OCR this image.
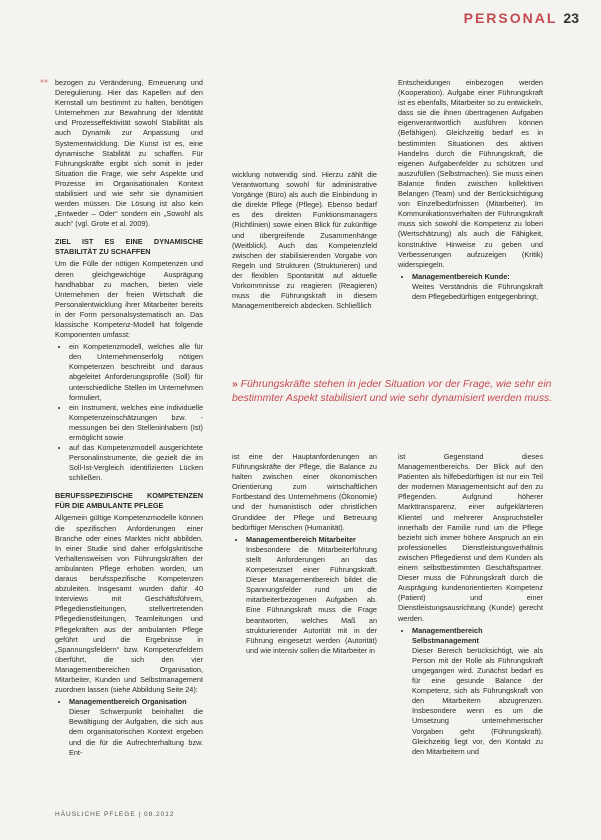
PERSONAL 23
»» bezogen zu Veränderung, Erneuerung und Deregulierung. Hier das Kapellen auf den Kernstall um bestimmt zu halten, benötigen Unternehmen zur Bewahrung der Identität und Prozesseffektivität sowohl Stabilität als auch Dynamik zur Anpassung und Systementwicklung. Die Kunst ist es, eine dynamische Stabilität zu schaffen. Für Führungskräfte ergibt sich somit in jeder Situation die Frage, wie sehr Aspekte und Prozesse im Organisationalen Kontext stabilisiert und wie sehr sie dynamisiert werden müssen. Die Lösung ist also kein „Entweder – Oder“ sondern ein „Sowohl als auch“ (vgl. Grote et al. 2009).

ZIEL IST ES EINE DYNAMISCHE STABILITÄT ZU SCHAFFEN

Um die Fülle der nötigen Kompetenzen und deren gleichgewichtige Ausprägung handhabbar zu machen, bieten viele Unternehmen der freien Wirtschaft die Personalentwicklung ihrer Mitarbeiter bereits in der Form personalsystematisch an. Das klassische Kompetenz-Modell hat folgende Komponenten umfasst:

• ein Kompetenzmodell, welches alle für den Unternehmenserfolg nötigen Kompetenzen beschreibt und daraus abgeleitet Anforderungsprofile (Soll) für unterschiedliche Stellen im Unternehmen formuliert,
• ein Instrument, welches eine individuelle Kompetenzeinschätzungen bzw. -messungen bei den Stelleninhabern (Ist) ermöglicht sowie
• auf das Kompetenzmodell ausgerichtete Personalinstrumente, die gezielt die im Soll-Ist-Vergleich identifizierten Lücken schließen.
BERUFSSPEZIFISCHE KOMPETENZEN FÜR DIE AMBULANTE PFLEGE

Allgemein gültige Kompetenzmodelle können die spezifischen Anforderungen einer Branche oder eines Marktes nicht abbilden. In einer Studie sind daher erfolgskritische Verhaltensweisen von Führungskräften der ambulanten Pflege erhoben worden, um daraus berufsspezifische Kompetenzen abzuleiten. Insgesamt wurden dafür 40 Interviews mit Geschäftsführern, Pflegedienstleitungen, stellvertretenden Pflegedienstleitungen, Teamleitungen und Pflegekräften aus der ambulanten Pflege geführt und die Ergebnisse in „Spannungsfeldern“ bzw. Kompetenzfeldern überführt, die sich den vier Managementbereichen Organisation, Mitarbeiter, Kunden und Selbstmanagement zuordnen lassen (siehe Abbildung Seite 24):

• Managementbereich Organisation
Dieser Schwerpunkt beinhaltet die Bewältigung der Aufgaben, die sich aus dem organisatorischen Kontext ergeben und die für die Aufrechterhaltung bzw. Ent-

wicklung notwendig sind. Hierzu zählt die Verantwortung sowohl für administrative Vorgänge (Büro) als auch die Einbindung in die direkte Pflege (Pflege). Ebenso bedarf es des direkten Funktionsmanagers (Richtlinien) sowie einen Blick für zukünftige und übergreifende Zusammenhänge (Weitblick). Auch das Kompetenzfeld zwischen der stabilisierenden Vorgabe von Regeln und Strukturen (Strukturieren) und der flexiblen Spontanität auf aktuelle Vorkommnisse zu reagieren (Reagieren) muss die Führungskraft in diesem Managementbereich abdecken. Schließlich

Entscheidungen einbezogen werden (Kooperation). Aufgabe einer Führungskraft ist es ebenfalls, Mitarbeiter so zu entwickeln, dass sie die ihnen übertragenen Aufgaben eigenverantwortlich ausführen können (Befähigen). Gleichzeitig bedarf es in bestimmten Situationen des aktiven Handelns durch die Führungskraft, die eigenen Aufgabenfelder zu schützen und auszufüllen (Selbstmachen). Sie muss einen Balance finden zwischen kollektiven Belangen (Team) und der Berücksichtigung von Einzelbedürfnissen (Mitarbeiter). Im Kommunikationsverhalten der Führungskraft muss sich sowohl die Kompetenz zu loben (Wertschätzung) als auch die Fähigkeit, konstruktive Hinweise zu geben und Verbesserungen aufzuzeigen (Kritik) widerspiegeln.

• Managementbereich Kunde:
Weites Verständnis die Führungskraft dem Pflegebedürftigen entgegenbringt,
» Führungskräfte stehen in jeder Situation vor der Frage, wie sehr ein bestimmter Aspekt stabilisiert und wie sehr dynamisiert werden muss.

ist eine der Hauptanforderungen an Führungskräfte der Pflege, die Balance zu halten zwischen einer ökonomischen Orientierung zum wirtschaftlichen Fortbestand des Unternehmens (Ökonomie) und der humanistisch oder christlichen Grundidee der Pflege und Betreuung bedürftiger Menschen (Humanität).

• Managementbereich Mitarbeiter
Insbesondere die Mitarbeiterführung stellt Anforderungen an das Kompetenzset einer Führungskraft. Dieser Managementbereich bildet die Spannungsfelder rund um die mitarbeiterbezogenen Aufgaben ab. Eine Führungskraft muss die Frage beantworten, welches Maß an strukturierender Autorität mit in der Führung eingesetzt werden (Autorität) und wie intensiv sollen die Mitarbeiter in

ist Gegenstand dieses Managementbereichs. Der Blick auf den Patienten als hilfebedürftigen ist nur ein Teil der modernen Managementsicht auf den zu Pflegenden. Aufgrund höherer Markttransparenz, einer aufgeklärteren Klientel und mehrerer Anspruchsteller innerhalb der Familie rund um die Pflege bezieht sich immer höhere Anspruch an ein professionelles Dienstleistungsverhältnis zwischen Pflegedienst und dem Kunden als einem selbstbestimmten Geschäftspartner. Dieser muss die Führungskraft durch die Ausprägung kundenorientierten Kompetenz (Patient) und einer Dienstleistungsausrichtung (Kunde) gerecht werden.

• Managementbereich Selbstmanagement
Dieser Bereich berücksichtigt, wie als Person mit der Rolle als Führungskraft umgegangen wird. Zunächst bedarf es für eine gesunde Balance der Kompetenz, sich als Führungskraft von den Mitarbeitern abzugrenzen. Insbesondere wenn es um die Umsetzung unternehmerischer Vorgaben geht (Führungskraft). Gleichzeitig liegt vor, den Kontakt zu den Mitarbeitern und
HÄUSLICHE PFLEGE | 08.2012
